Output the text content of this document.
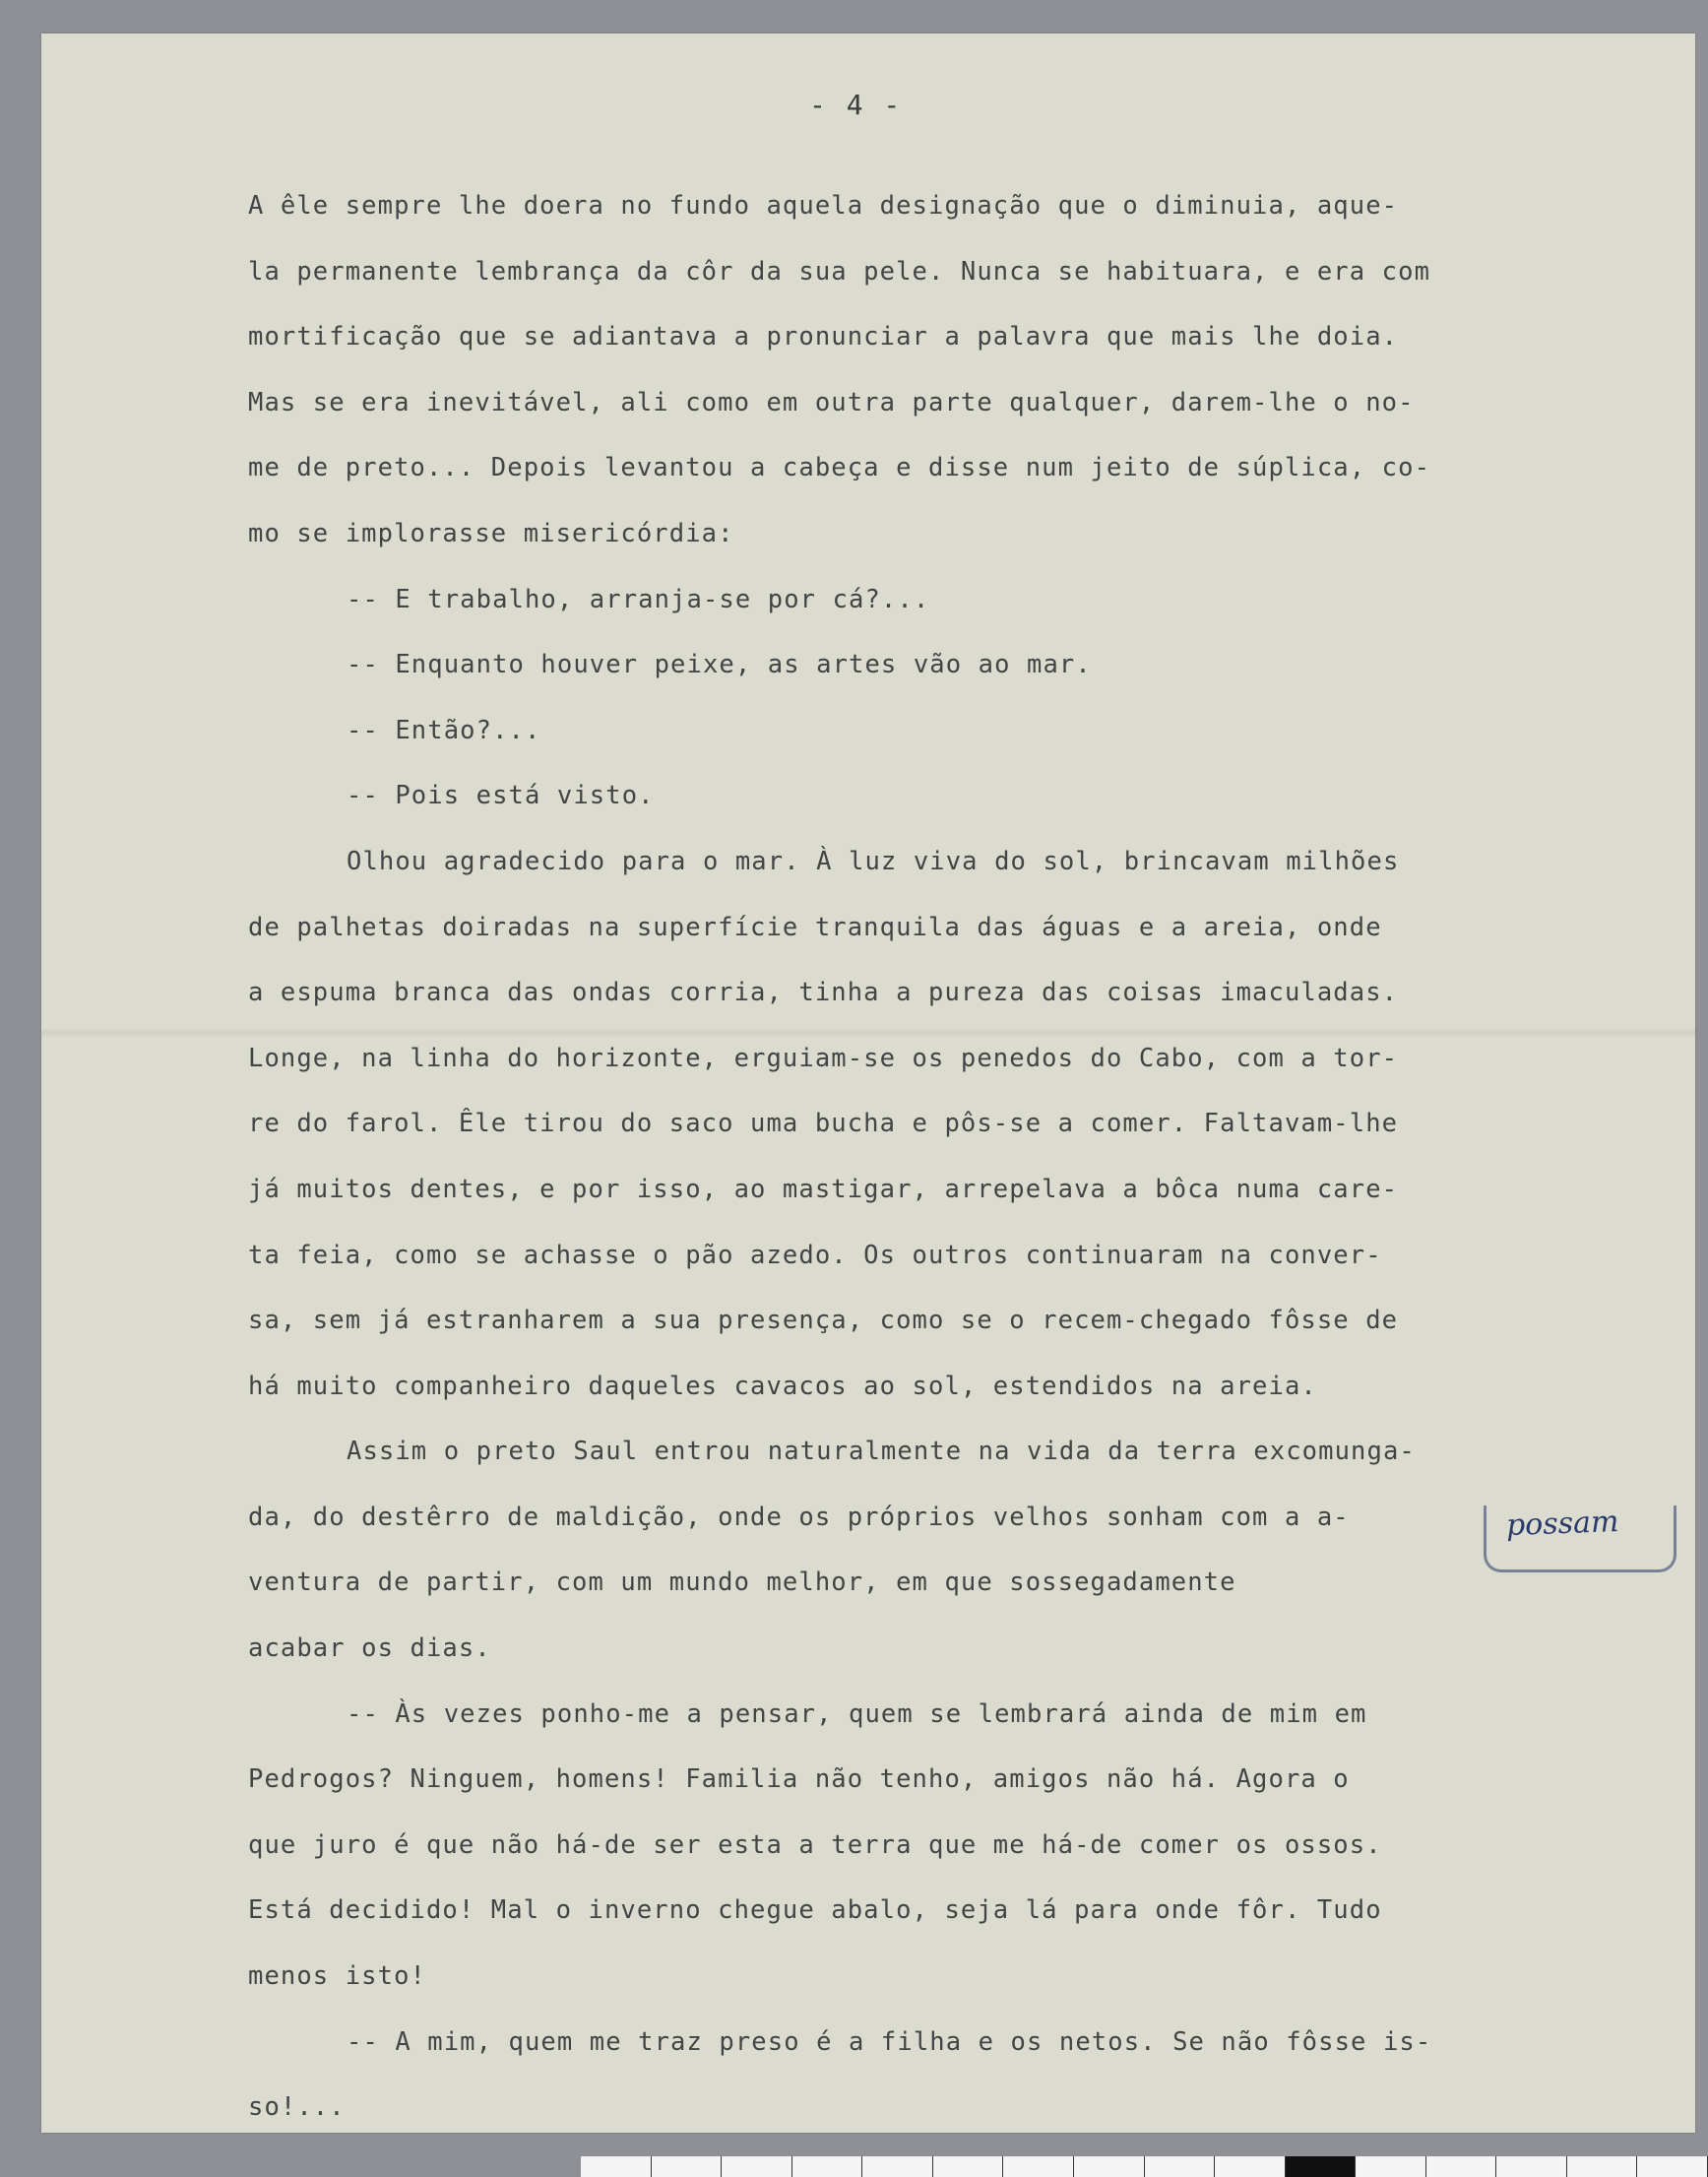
- 4 -
A êle sempre lhe doera no fundo aquela designação que o diminuia, aque-
la permanente lembrança da côr da sua pele. Nunca se habituara, e era com
mortificação que se adiantava a pronunciar a palavra que mais lhe doia.
Mas se era inevitável, ali como em outra parte qualquer, darem-lhe o no-
me de preto... Depois levantou a cabeça e disse num jeito de súplica, co-
mo se implorasse misericórdia:
-- E trabalho, arranja-se por cá?...
-- Enquanto houver peixe, as artes vão ao mar.
-- Então?...
-- Pois está visto.
Olhou agradecido para o mar. À luz viva do sol, brincavam milhões
de palhetas doiradas na superfície tranquila das águas e a areia, onde
a espuma branca das ondas corria, tinha a pureza das coisas imaculadas.
Longe, na linha do horizonte, erguiam-se os penedos do Cabo, com a tor-
re do farol. Êle tirou do saco uma bucha e pôs-se a comer. Faltavam-lhe
já muitos dentes, e por isso, ao mastigar, arrepelava a bôca numa care-
ta feia, como se achasse o pão azedo. Os outros continuaram na conver-
sa, sem já estranharem a sua presença, como se o recem-chegado fôsse de
há muito companheiro daqueles cavacos ao sol, estendidos na areia.
Assim o preto Saul entrou naturalmente na vida da terra excomunga-
da, do destêrro de maldição, onde os próprios velhos sonham com a a-
ventura de partir, com um mundo melhor, em que sossegadamente
acabar os dias.
-- Às vezes ponho-me a pensar, quem se lembrará ainda de mim em
Pedrogos? Ninguem, homens! Familia não tenho, amigos não há. Agora o
que juro é que não há-de ser esta a terra que me há-de comer os ossos.
Está decidido! Mal o inverno chegue abalo, seja lá para onde fôr. Tudo
menos isto!
-- A mim, quem me traz preso é a filha e os netos. Se não fôsse is-
so!...
possam
